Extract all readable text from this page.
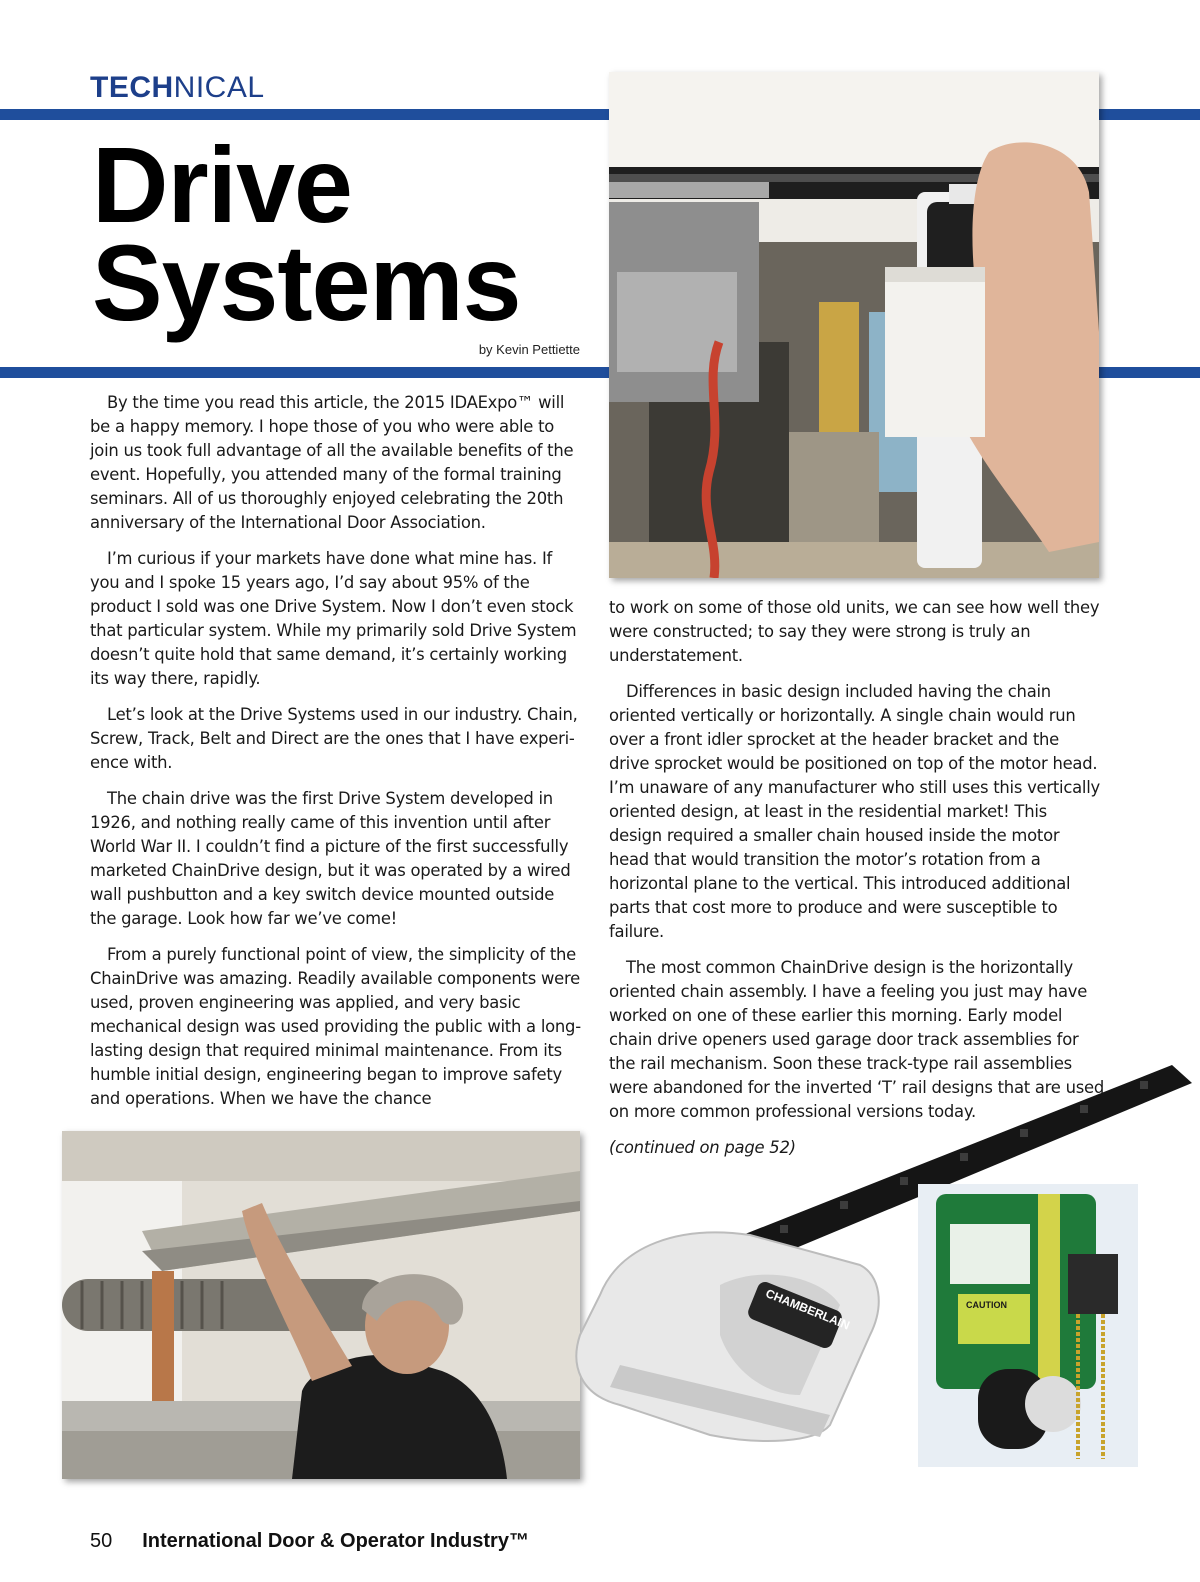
TECHNICAL
Drive
Systems
by Kevin Pettiette

By the time you read this article, the 2015 IDAExpo™ will be a happy memory. I hope those of you who were able to join us took full advantage of all the available benefits of the event. Hopefully, you attended many of the formal training seminars. All of us thoroughly enjoyed celebrating the 20th anniversary of the International Door Association.

I’m curious if your markets have done what mine has. If you and I spoke 15 years ago, I’d say about 95% of the product I sold was one Drive System. Now I don’t even stock that particular system. While my primarily sold Drive System doesn’t quite hold that same demand, it’s certainly working its way there, rapidly.

Let’s look at the Drive Systems used in our industry. Chain, Screw, Track, Belt and Direct are the ones that I have experi-ence with.

The chain drive was the first Drive System developed in 1926, and nothing really came of this invention until after World War II. I couldn’t find a picture of the first successfully marketed ChainDrive design, but it was operated by a wired wall pushbutton and a key switch device mounted outside the garage. Look how far we’ve come!

From a purely functional point of view, the simplicity of the ChainDrive was amazing. Readily available components were used, proven engineering was applied, and very basic mechanical design was used providing the public with a long-lasting design that required minimal maintenance. From its humble initial design, engineering began to improve safety and operations. When we have the chance

to work on some of those old units, we can see how well they were constructed; to say they were strong is truly an understatement.

Differences in basic design included having the chain oriented vertically or horizontally. A single chain would run over a front idler sprocket at the header bracket and the drive sprocket would be positioned on top of the motor head. I’m unaware of any manufacturer who still uses this vertically oriented design, at least in the residential market! This design required a smaller chain housed inside the motor head that would transition the motor’s rotation from a horizontal plane to the vertical. This introduced additional parts that cost more to produce and were susceptible to failure.

The most common ChainDrive design is the horizontally oriented chain assembly. I have a feeling you just may have worked on one of these earlier this morning. Early model chain drive openers used garage door track assemblies for the rail mechanism. Soon these track-type rail assemblies were abandoned for the inverted ‘T’ rail designs that are used on more common professional versions today.

(continued on page 52)

CHAMBERLAIN	CAUTION
50 International Door & Operator Industry™
